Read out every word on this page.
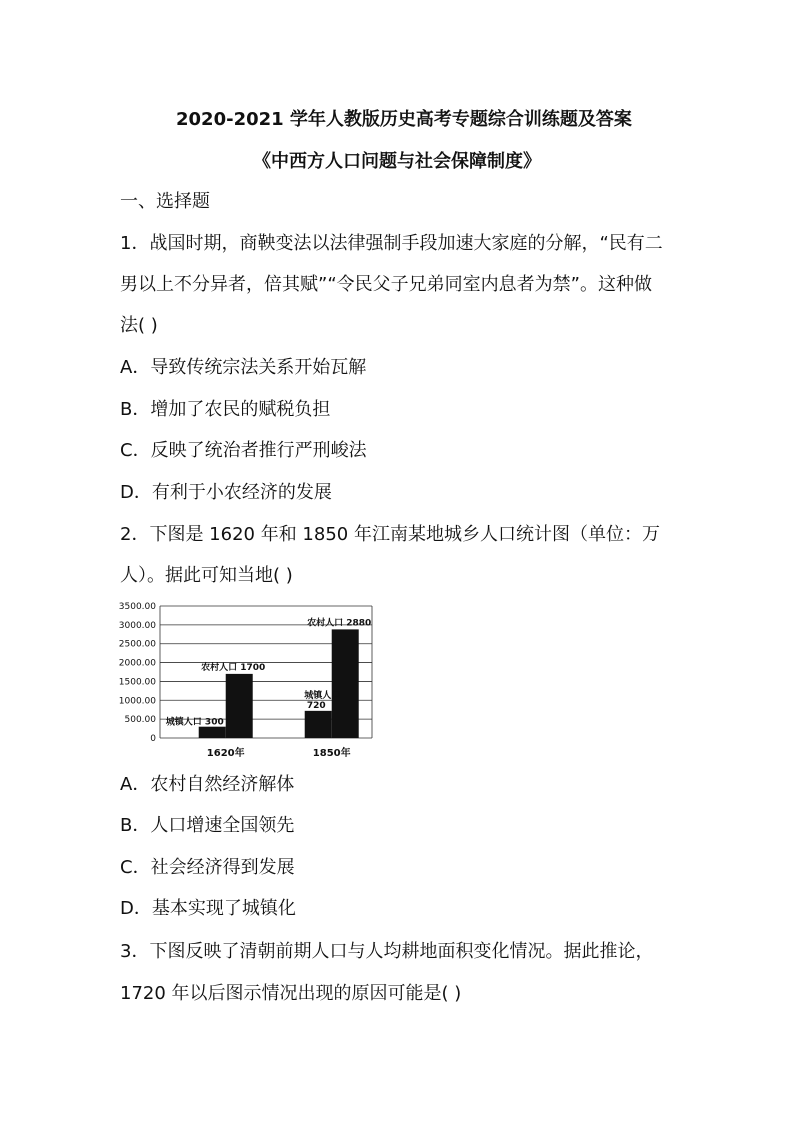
2020-2021 学年人教版历史高考专题综合训练题及答案
《中西方人口问题与社会保障制度》
一、选择题
1．战国时期，商鞅变法以法律强制手段加速大家庭的分解，“民有二
男以上不分异者，倍其赋”“令民父子兄弟同室内息者为禁”。这种做
法( )
A．导致传统宗法关系开始瓦解
B．增加了农民的赋税负担
C．反映了统治者推行严刑峻法
D．有利于小农经济的发展
2．下图是 1620 年和 1850 年江南某地城乡人口统计图（单位：万
人）。据此可知当地( )
3500.00
3000.00
2500.00
2000.00
1500.00
1000.00
500.00
0
1620年	1850年
城镇人口 300
农村人口 1700
城镇人口
720
农村人口 2880
A．农村自然经济解体
B．人口增速全国领先
C．社会经济得到发展
D．基本实现了城镇化
3．下图反映了清朝前期人口与人均耕地面积变化情况。据此推论，
1720 年以后图示情况出现的原因可能是( )
